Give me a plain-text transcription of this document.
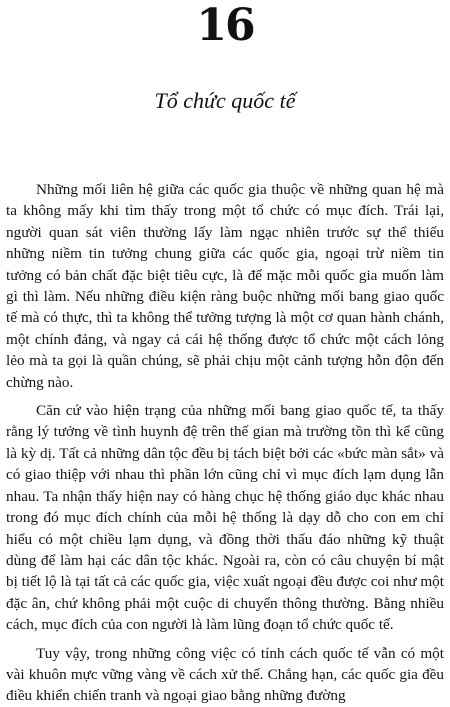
16
Tổ chức quốc tế

Những mối liên hệ giữa các quốc gia thuộc về những quan hệ mà ta không mấy khi tìm thấy trong một tổ chức có mục đích. Trái lại, người quan sát viên thường lấy làm ngạc nhiên trước sự thể thiếu những niềm tin tưởng chung giữa các quốc gia, ngoại trừ niềm tin tưởng có bản chất đặc biệt tiêu cực, là để mặc mỗi quốc gia muốn làm gì thì làm. Nếu những điều kiện ràng buộc những mối bang giao quốc tế mà có thực, thì ta không thể tưởng tượng là một cơ quan hành chánh, một chính đảng, và ngay cả cái hệ thống được tổ chức một cách lỏng lẻo mà ta gọi là quần chúng, sẽ phải chịu một cảnh tượng hỗn độn đến chừng nào.

Căn cứ vào hiện trạng của những mối bang giao quốc tế, ta thấy rằng lý tưởng về tình huynh đệ trên thế gian mà trường tồn thì kể cũng là kỳ dị. Tất cả những dân tộc đều bị tách biệt bởi các «bức màn sắt» và có giao thiệp với nhau thì phần lớn cũng chỉ vì mục đích lạm dụng lẫn nhau. Ta nhận thấy hiện nay có hàng chục hệ thống giáo dục khác nhau trong đó mục đích chính của mỗi hệ thống là dạy dỗ cho con em chỉ hiểu có một chiều lạm dụng, và đồng thời thấu đáo những kỹ thuật dùng để làm hại các dân tộc khác. Ngoài ra, còn có câu chuyện bí mật bị tiết lộ là tại tất cả các quốc gia, việc xuất ngoại đều được coi như một đặc ân, chứ không phải một cuộc di chuyển thông thường. Bằng nhiều cách, mục đích của con người là làm lũng đoạn tổ chức quốc tế.

Tuy vậy, trong những công việc có tính cách quốc tế vẫn có một vài khuôn mực vững vàng về cách xử thế. Chẳng hạn, các quốc gia đều điều khiển chiến tranh và ngoại giao bằng những đường
